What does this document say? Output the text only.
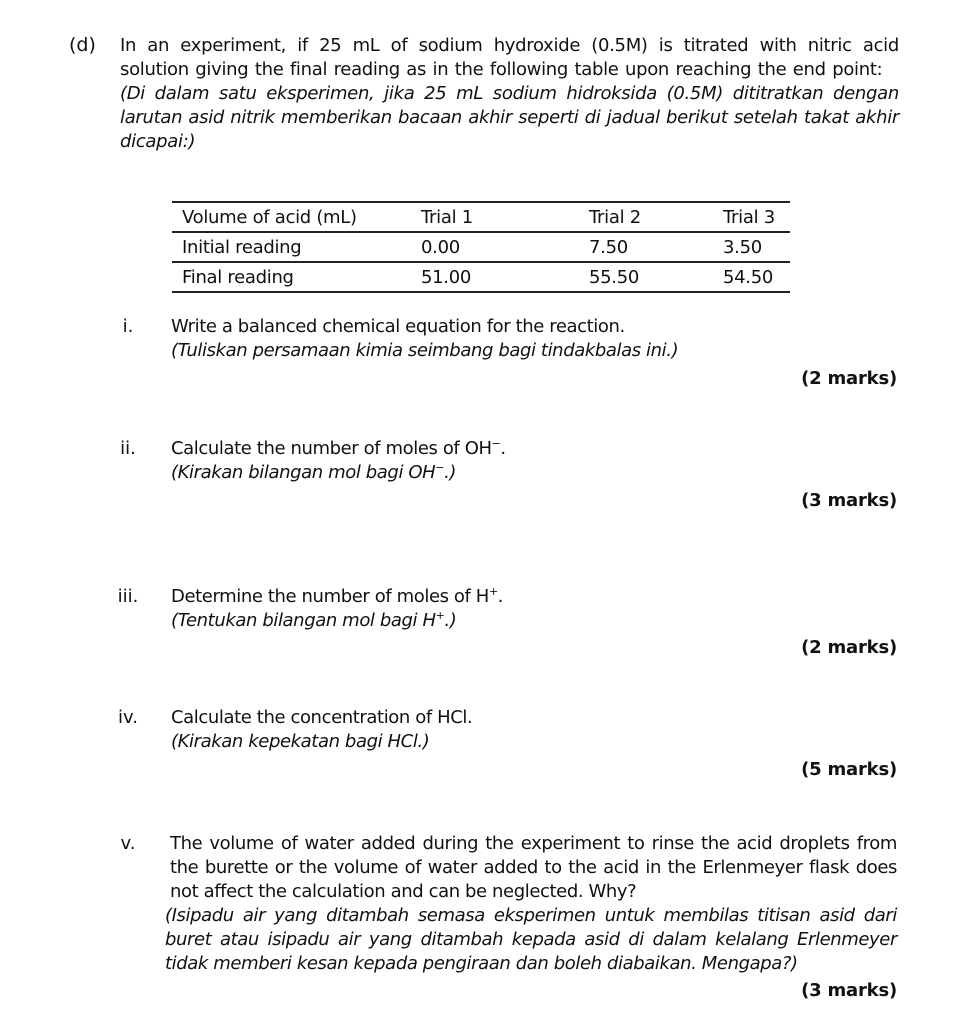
(d) In an experiment, if 25 mL of sodium hydroxide (0.5M) is titrated with nitric acid solution giving the final reading as in the following table upon reaching the end point:
(Di dalam satu eksperimen, jika 25 mL sodium hidroksida (0.5M) dititratkan dengan larutan asid nitrik memberikan bacaan akhir seperti di jadual berikut setelah takat akhir dicapai:)
Volume of acid (mL)	Trial 1	Trial 2	Trial 3
Initial reading	0.00	7.50	3.50
Final reading	51.00	55.50	54.50
i.	Write a balanced chemical equation for the reaction.
(Tuliskan persamaan kimia seimbang bagi tindakbalas ini.)
(2 marks)
ii.	Calculate the number of moles of OH−.
(Kirakan bilangan mol bagi OH−.)
(3 marks)
iii.	Determine the number of moles of H+.
(Tentukan bilangan mol bagi H+.)
(2 marks)
iv.	Calculate the concentration of HCl.
(Kirakan kepekatan bagi HCl.)
(5 marks)
v.	The volume of water added during the experiment to rinse the acid droplets from the burette or the volume of water added to the acid in the Erlenmeyer flask does not affect the calculation and can be neglected. Why?
(Isipadu air yang ditambah semasa eksperimen untuk membilas titisan asid dari buret atau isipadu air yang ditambah kepada asid di dalam kelalang Erlenmeyer tidak memberi kesan kepada pengiraan dan boleh diabaikan. Mengapa?)
(3 marks)
